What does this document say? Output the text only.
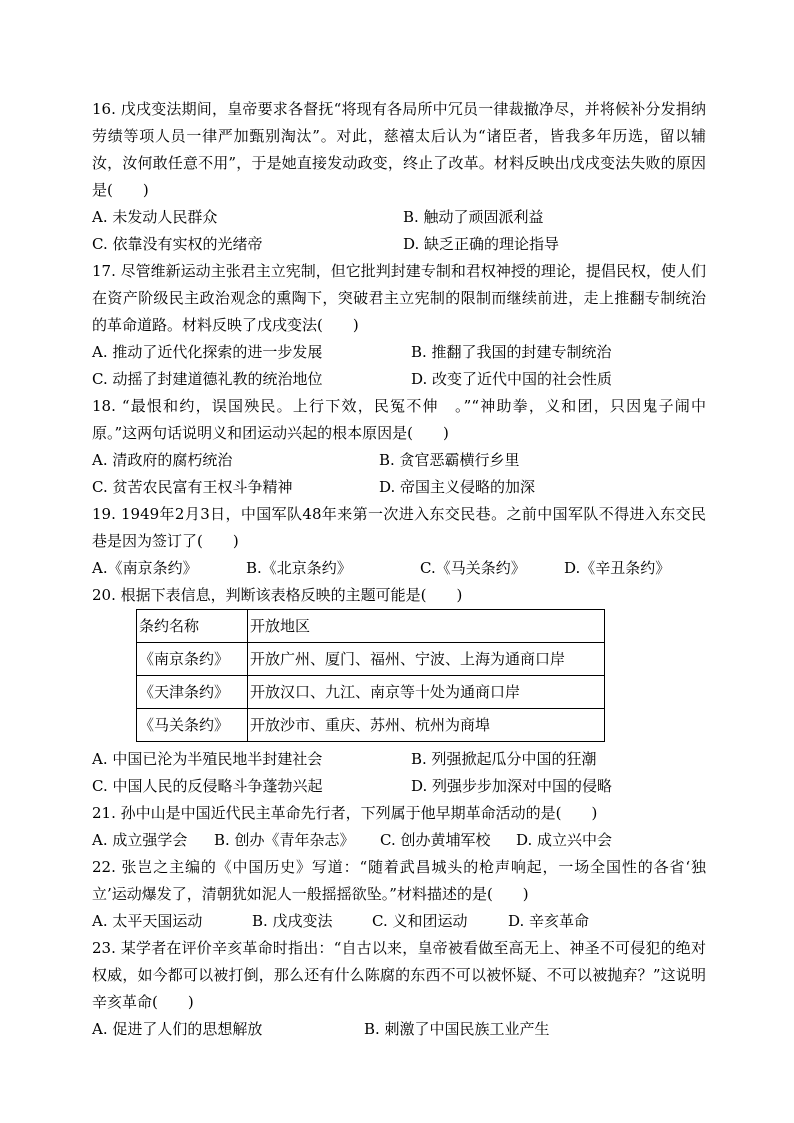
16. 戊戌变法期间，皇帝要求各督抚“将现有各局所中冗员一律裁撤净尽，并将候补分发捐纳劳绩等项人员一律严加甄别淘汰”。对此，慈禧太后认为“诸臣者，皆我多年历选，留以辅汝，汝何敢任意不用”，于是她直接发动政变，终止了改革。材料反映出戊戌变法失败的原因是(　　)

A. 未发动人民群众	B. 触动了顽固派利益
C. 依靠没有实权的光绪帝	D. 缺乏正确的理论指导

17. 尽管维新运动主张君主立宪制，但它批判封建专制和君权神授的理论，提倡民权，使人们在资产阶级民主政治观念的熏陶下，突破君主立宪制的限制而继续前进，走上推翻专制统治的革命道路。材料反映了戊戌变法(　　)

A. 推动了近代化探索的进一步发展	B. 推翻了我国的封建专制统治
C. 动摇了封建道德礼教的统治地位	D. 改变了近代中国的社会性质

18. “最恨和约，误国殃民。上行下效，民冤不伸　。”“神助拳，义和团，只因鬼子闹中原。”这两句话说明义和团运动兴起的根本原因是(　　)

A. 清政府的腐朽统治	B. 贪官恶霸横行乡里
C. 贫苦农民富有王权斗争精神	D. 帝国主义侵略的加深

19. 1949年2月3日，中国军队48年来第一次进入东交民巷。之前中国军队不得进入东交民巷是因为签订了(　　)

A.《南京条约》	B.《北京条约》	C.《马关条约》	D.《辛丑条约》

20. 根据下表信息，判断该表格反映的主题可能是(　　)

条约名称	开放地区
《南京条约》	开放广州、厦门、福州、宁波、上海为通商口岸
《天津条约》	开放汉口、九江、南京等十处为通商口岸
《马关条约》	开放沙市、重庆、苏州、杭州为商埠
A. 中国已沦为半殖民地半封建社会	B. 列强掀起瓜分中国的狂潮
C. 中国人民的反侵略斗争蓬勃兴起	D. 列强步步加深对中国的侵略

21. 孙中山是中国近代民主革命先行者，下列属于他早期革命活动的是(　　)

A. 成立强学会 B. 创办《青年杂志》 C. 创办黄埔军校 D. 成立兴中会

22. 张岂之主编的《中国历史》写道：“随着武昌城头的枪声响起，一场全国性的各省‘独立’运动爆发了，清朝犹如泥人一般摇摇欲坠。”材料描述的是(　　)

A. 太平天国运动	B. 戊戌变法	C. 义和团运动	D. 辛亥革命

23. 某学者在评价辛亥革命时指出：“自古以来，皇帝被看做至高无上、神圣不可侵犯的绝对权威，如今都可以被打倒，那么还有什么陈腐的东西不可以被怀疑、不可以被抛弃？”这说明辛亥革命(　　)

A. 促进了人们的思想解放	B. 刺激了中国民族工业产生
